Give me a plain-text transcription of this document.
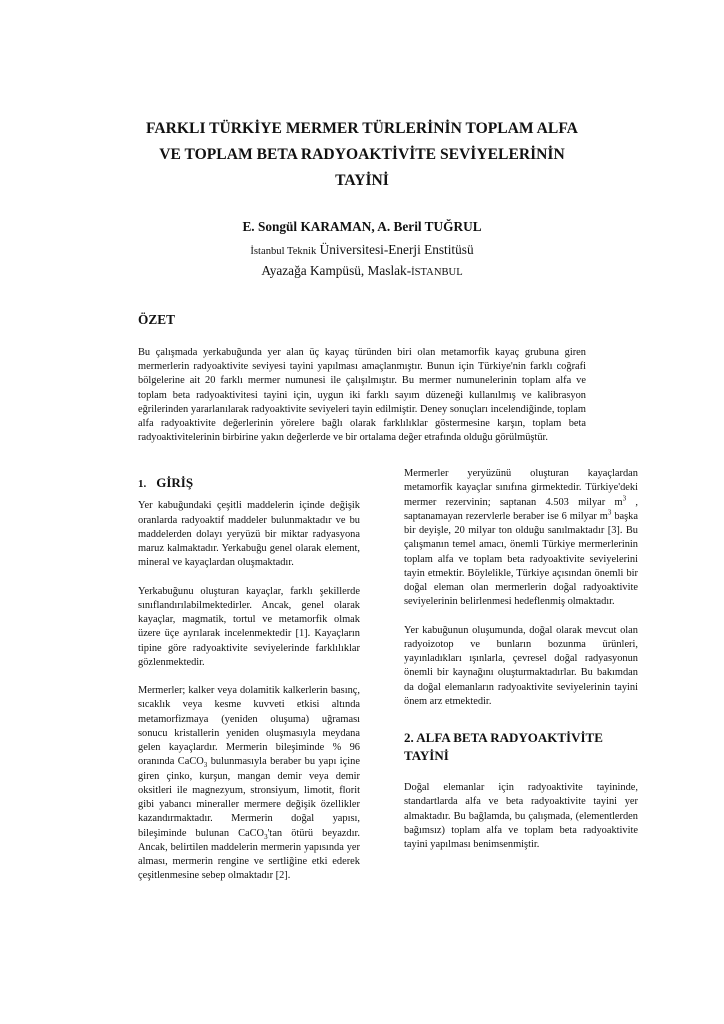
FARKLI TÜRKİYE MERMER TÜRLERİNİN TOPLAM ALFA
VE TOPLAM BETA RADYOAKTİVİTE SEVİYELERİNİN
TAYİNİ

E. Songül KARAMAN, A. Beril TUĞRUL

İstanbul Teknik Üniversitesi-Enerji Enstitüsü
Ayazağa Kampüsü, Maslak-İSTANBUL
ÖZET

Bu çalışmada yerkabuğunda yer alan üç kayaç türünden biri olan metamorfik kayaç grubuna giren mermerlerin radyoaktivite seviyesi tayini yapılması amaçlanmıştır. Bunun için Türkiye'nin farklı coğrafi bölgelerine ait 20 farklı mermer numunesi ile çalışılmıştır. Bu mermer numunelerinin toplam alfa ve toplam beta radyoaktivitesi tayini için, uygun iki farklı sayım düzeneği kullanılmış ve kalibrasyon eğrilerinden yararlanılarak radyoaktivite seviyeleri tayin edilmiştir. Deney sonuçları incelendiğinde, toplam alfa radyoaktivite değerlerinin yörelere bağlı olarak farklılıklar göstermesine karşın, toplam beta radyoaktivitelerinin birbirine yakın değerlerde ve bir ortalama değer etrafında olduğu görülmüştür.

1. GİRİŞ

Yer kabuğundaki çeşitli maddelerin içinde değişik oranlarda radyoaktif maddeler bulunmaktadır ve bu maddelerden dolayı yeryüzü bir miktar radyasyona maruz kalmaktadır. Yerkabuğu genel olarak element, mineral ve kayaçlardan oluşmaktadır.

Yerkabuğunu oluşturan kayaçlar, farklı şekillerde sınıflandırılabilmektedirler. Ancak, genel olarak kayaçlar, magmatik, tortul ve metamorfik olmak üzere üçe ayrılarak incelenmektedir [1]. Kayaçların tipine göre radyoaktivite seviyelerinde farklılıklar gözlenmektedir.

Mermerler; kalker veya dolamitik kalkerlerin basınç, sıcaklık veya kesme kuvveti etkisi altında metamorfizmaya (yeniden oluşuma) uğraması sonucu kristallerin yeniden oluşmasıyla meydana gelen kayaçlardır. Mermerin bileşiminde % 96 oranında CaCO$_3$ bulunmasıyla beraber bu yapı içine giren çinko, kurşun, mangan demir veya demir oksitleri ile magnezyum, stronsiyum, limotit, florit gibi yabancı mineraller mermere değişik özellikler kazandırmaktadır. Mermerin doğal yapısı, bileşiminde bulunan CaCO$_3$'tan ötürü beyazdır. Ancak, belirtilen maddelerin mermerin yapısında yer alması, mermerin rengine ve sertliğine etki ederek çeşitlenmesine sebep olmaktadır [2].

Mermerler yeryüzünü oluşturan kayaçlardan metamorfik kayaçlar sınıfına girmektedir. Türkiye'deki mermer rezervinin; saptanan 4.503 milyar $m^3$ , saptanamayan rezervlerle beraber ise 6 milyar $m^3$ başka bir deyişle, 20 milyar ton olduğu sanılmaktadır [3]. Bu çalışmanın temel amacı, önemli Türkiye mermerlerinin toplam alfa ve toplam beta radyoaktivite seviyelerini tayin etmektir. Böylelikle, Türkiye açısından önemli bir doğal eleman olan mermerlerin doğal radyoaktivite seviyelerinin belirlenmesi hedeflenmiş olmaktadır.

Yer kabuğunun oluşumunda, doğal olarak mevcut olan radyoizotop ve bunların bozunma ürünleri, yayınladıkları ışınlarla, çevresel doğal radyasyonun önemli bir kaynağını oluşturmaktadırlar. Bu bakımdan da doğal elemanların radyoaktivite seviyelerinin tayini önem arz etmektedir.

2. ALFA BETA RADYOAKTİVİTE TAYİNİ

Doğal elemanlar için radyoaktivite tayininde, standartlarda alfa ve beta radyoaktivite tayini yer almaktadır. Bu bağlamda, bu çalışmada, (elementlerden bağımsız) toplam alfa ve toplam beta radyoaktivite tayini yapılması benimsenmiştir.
